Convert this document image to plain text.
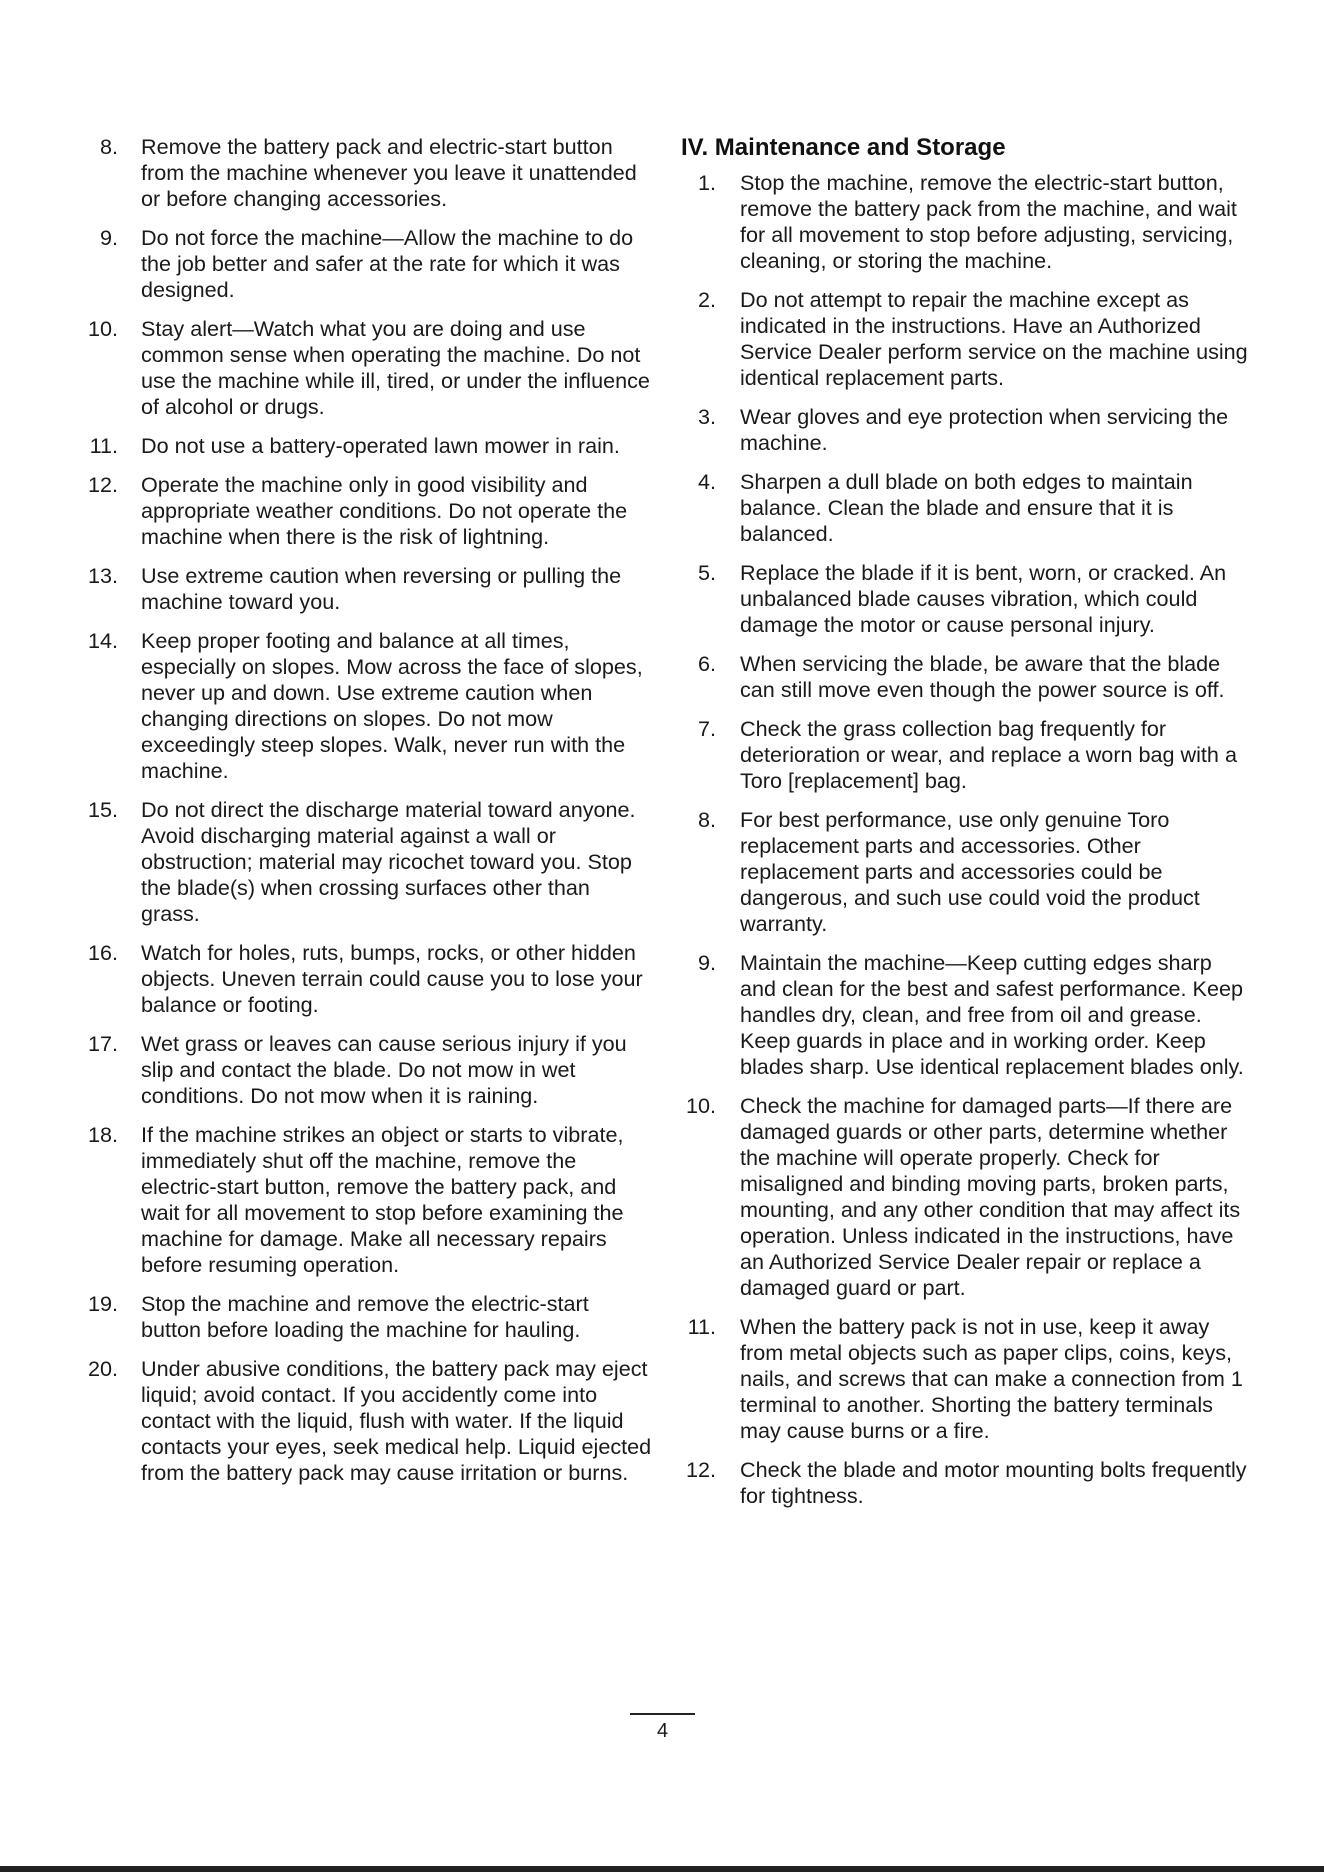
8. Remove the battery pack and electric-start button from the machine whenever you leave it unattended or before changing accessories.
9. Do not force the machine—Allow the machine to do the job better and safer at the rate for which it was designed.
10. Stay alert—Watch what you are doing and use common sense when operating the machine. Do not use the machine while ill, tired, or under the influence of alcohol or drugs.
11. Do not use a battery-operated lawn mower in rain.
12. Operate the machine only in good visibility and appropriate weather conditions. Do not operate the machine when there is the risk of lightning.
13. Use extreme caution when reversing or pulling the machine toward you.
14. Keep proper footing and balance at all times, especially on slopes. Mow across the face of slopes, never up and down. Use extreme caution when changing directions on slopes. Do not mow exceedingly steep slopes. Walk, never run with the machine.
15. Do not direct the discharge material toward anyone. Avoid discharging material against a wall or obstruction; material may ricochet toward you. Stop the blade(s) when crossing surfaces other than grass.
16. Watch for holes, ruts, bumps, rocks, or other hidden objects. Uneven terrain could cause you to lose your balance or footing.
17. Wet grass or leaves can cause serious injury if you slip and contact the blade. Do not mow in wet conditions. Do not mow when it is raining.
18. If the machine strikes an object or starts to vibrate, immediately shut off the machine, remove the electric-start button, remove the battery pack, and wait for all movement to stop before examining the machine for damage. Make all necessary repairs before resuming operation.
19. Stop the machine and remove the electric-start button before loading the machine for hauling.
20. Under abusive conditions, the battery pack may eject liquid; avoid contact. If you accidently come into contact with the liquid, flush with water. If the liquid contacts your eyes, seek medical help. Liquid ejected from the battery pack may cause irritation or burns.
IV. Maintenance and Storage
1. Stop the machine, remove the electric-start button, remove the battery pack from the machine, and wait for all movement to stop before adjusting, servicing, cleaning, or storing the machine.
2. Do not attempt to repair the machine except as indicated in the instructions. Have an Authorized Service Dealer perform service on the machine using identical replacement parts.
3. Wear gloves and eye protection when servicing the machine.
4. Sharpen a dull blade on both edges to maintain balance. Clean the blade and ensure that it is balanced.
5. Replace the blade if it is bent, worn, or cracked. An unbalanced blade causes vibration, which could damage the motor or cause personal injury.
6. When servicing the blade, be aware that the blade can still move even though the power source is off.
7. Check the grass collection bag frequently for deterioration or wear, and replace a worn bag with a Toro [replacement] bag.
8. For best performance, use only genuine Toro replacement parts and accessories. Other replacement parts and accessories could be dangerous, and such use could void the product warranty.
9. Maintain the machine—Keep cutting edges sharp and clean for the best and safest performance. Keep handles dry, clean, and free from oil and grease. Keep guards in place and in working order. Keep blades sharp. Use identical replacement blades only.
10. Check the machine for damaged parts—If there are damaged guards or other parts, determine whether the machine will operate properly. Check for misaligned and binding moving parts, broken parts, mounting, and any other condition that may affect its operation. Unless indicated in the instructions, have an Authorized Service Dealer repair or replace a damaged guard or part.
11. When the battery pack is not in use, keep it away from metal objects such as paper clips, coins, keys, nails, and screws that can make a connection from 1 terminal to another. Shorting the battery terminals may cause burns or a fire.
12. Check the blade and motor mounting bolts frequently for tightness.
4
